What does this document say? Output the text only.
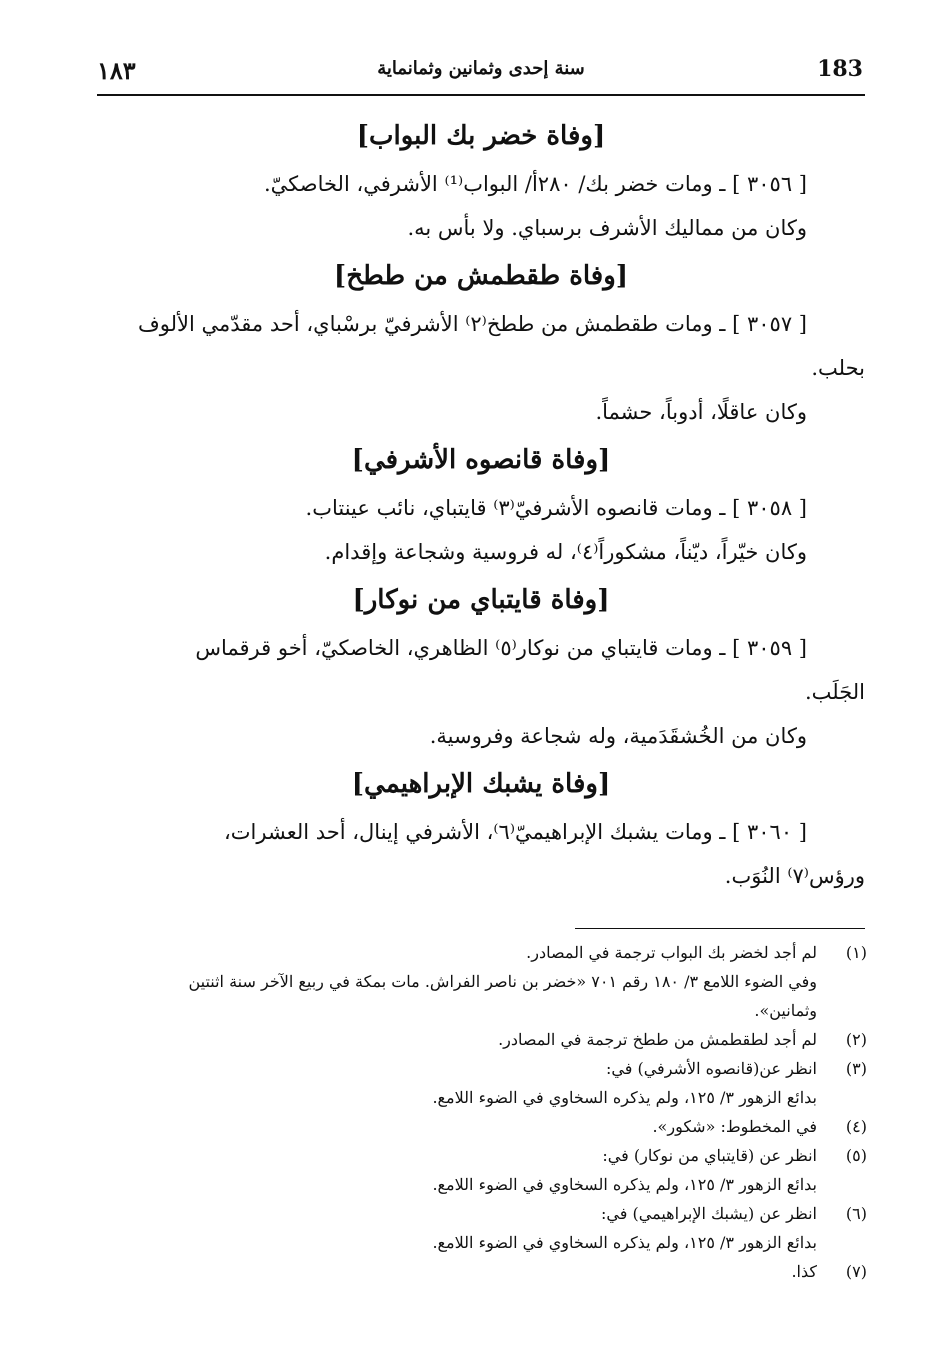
١٨٣	سنة إحدى وثمانين وثمانماية	183
[وفاة خضر بك البواب]

[ ٣٠٥٦ ] ـ ومات خضر بك/ ٢٨٠أ/ البواب⁽¹⁾ الأشرفي، الخاصكيّ.

وكان من مماليك الأشرف برسباي. ولا بأس به.

[وفاة طقطمش من ططخ]

[ ٣٠٥٧ ] ـ ومات طقطمش من ططخ⁽٢⁾ الأشرفيّ برسْباي، أحد مقدّمي الألوف
بحلب.

وكان عاقلًا، أدوباً، حشماً.

[وفاة قانصوه الأشرفي]

[ ٣٠٥٨ ] ـ ومات قانصوه الأشرفيّ⁽٣⁾ قايتباي، نائب عينتاب.

وكان خيّراً، ديّناً، مشكوراً⁽٤⁾، له فروسية وشجاعة وإقدام.

[وفاة قايتباي من نوكار]

[ ٣٠٥٩ ] ـ ومات قايتباي من نوكار⁽٥⁾ الظاهري، الخاصكيّ، أخو قرقماس
الجَلَب.

وكان من الخُشقَدَمية، وله شجاعة وفروسية.

[وفاة يشبك الإبراهيمي]

[ ٣٠٦٠ ] ـ ومات يشبك الإبراهيميّ⁽٦⁾، الأشرفي إينال، أحد العشرات،
ورؤس⁽٧⁾ النُوَب.

(١)
لم أجد لخضر بك البواب ترجمة في المصادر.
وفي الضوء اللامع ٣/ ١٨٠ رقم ٧٠١ «خضر بن ناصر الفراش. مات بمكة في ربيع الآخر سنة اثنتين
وثمانين».
(٢)
لم أجد لطقطمش من ططخ ترجمة في المصادر.
(٣)
انظر عن(قانصوه الأشرفي) في:
بدائع الزهور ٣/ ١٢٥، ولم يذكره السخاوي في الضوء اللامع.
(٤)
في المخطوط: «شكور».
(٥)
انظر عن (قايتباي من نوكار) في:
بدائع الزهور ٣/ ١٢٥، ولم يذكره السخاوي في الضوء اللامع.
(٦)
انظر عن (يشبك الإبراهيمي) في:
بدائع الزهور ٣/ ١٢٥، ولم يذكره السخاوي في الضوء اللامع.
(٧)
كذا.
